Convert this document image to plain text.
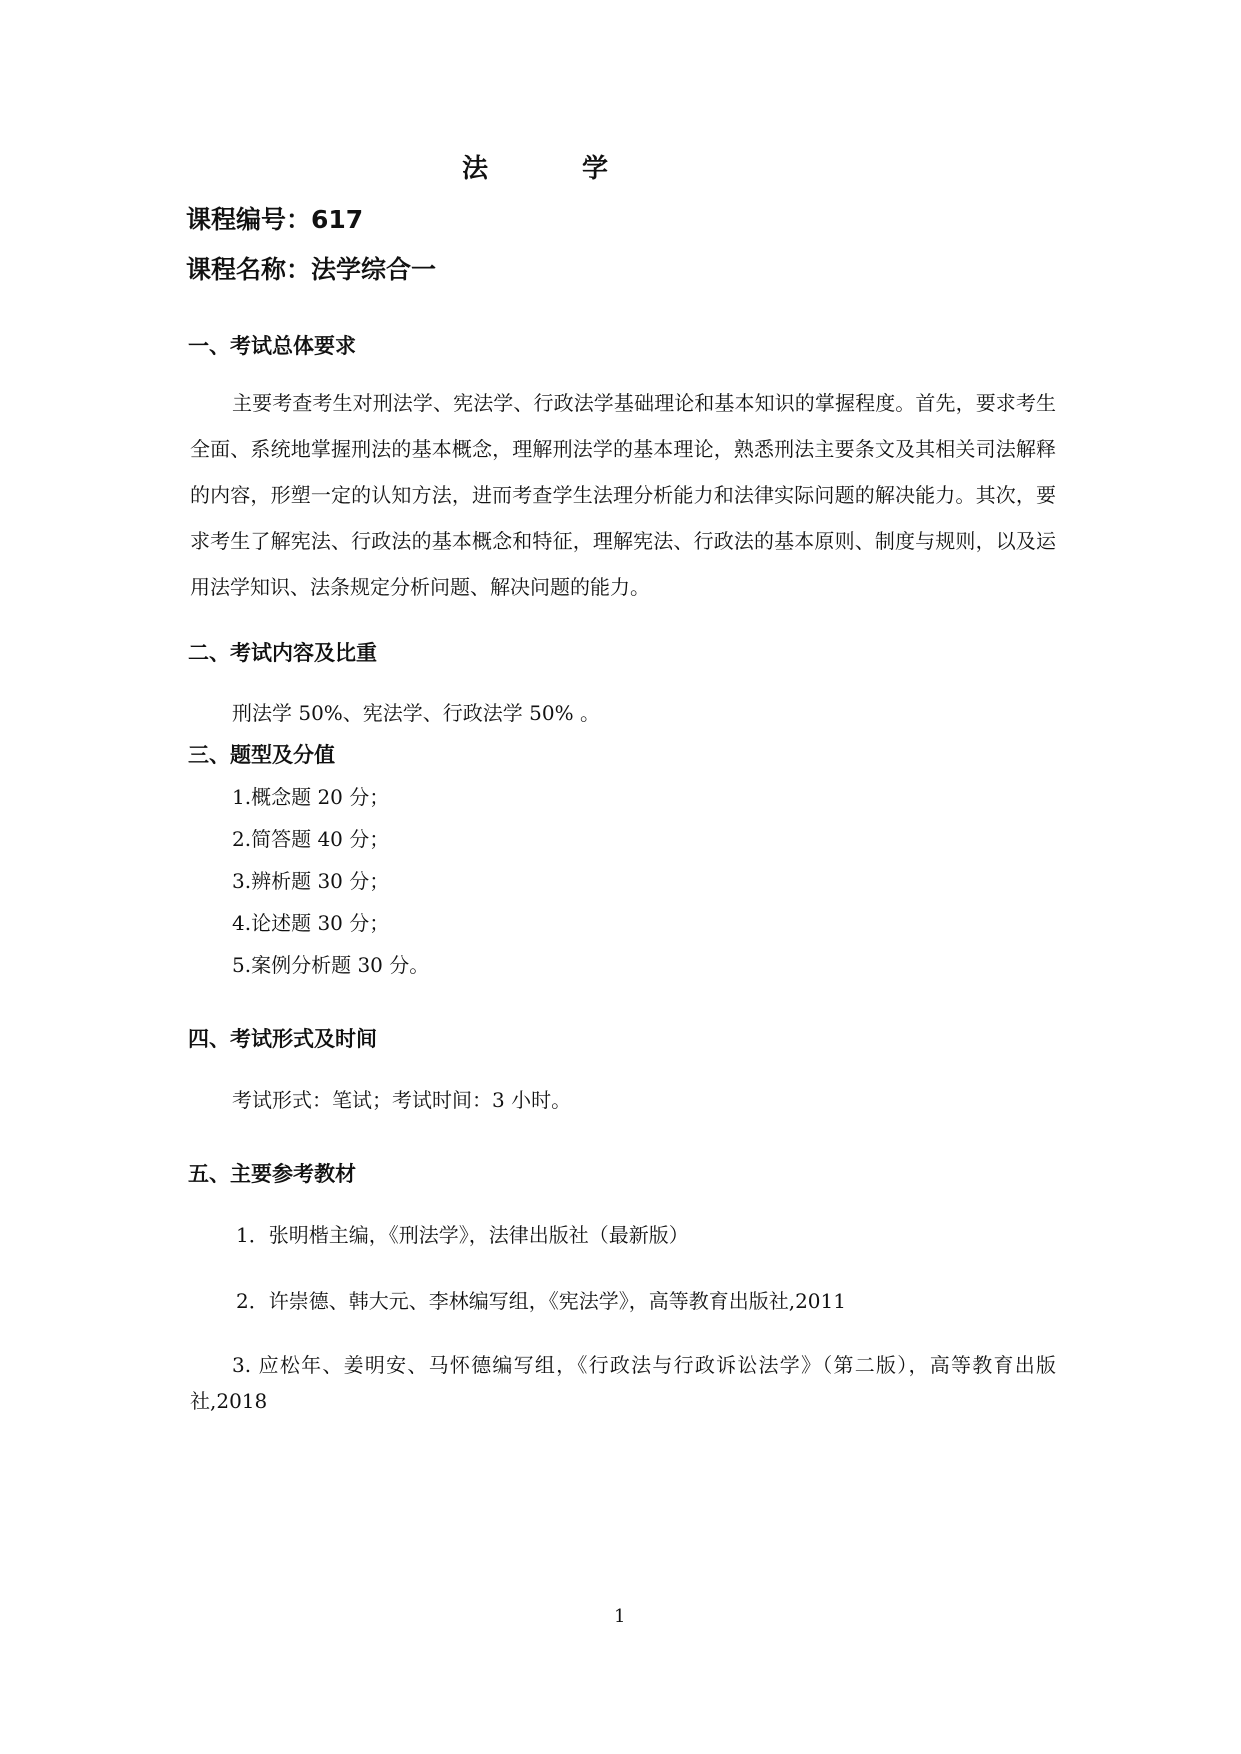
法　学
课程编号：617
课程名称：法学综合一
一、考试总体要求
主要考查考生对刑法学、宪法学、行政法学基础理论和基本知识的掌握程度。首先，要求考生全面、系统地掌握刑法的基本概念，理解刑法学的基本理论，熟悉刑法主要条文及其相关司法解释的内容，形塑一定的认知方法，进而考查学生法理分析能力和法律实际问题的解决能力。其次，要求考生了解宪法、行政法的基本概念和特征，理解宪法、行政法的基本原则、制度与规则，以及运用法学知识、法条规定分析问题、解决问题的能力。
二、考试内容及比重
刑法学 50%、宪法学、行政法学 50% 。
三、题型及分值
1.概念题 20 分；
2.简答题 40 分；
3.辨析题 30 分；
4.论述题 30 分；
5.案例分析题 30 分。
四、考试形式及时间
考试形式：笔试；考试时间：3 小时。
五、主要参考教材
1．张明楷主编，《刑法学》，法律出版社（最新版）
2．许崇德、韩大元、李林编写组，《宪法学》，高等教育出版社,2011
3. 应松年、姜明安、马怀德编写组，《行政法与行政诉讼法学》（第二版），高等教育出版社,2018
1
